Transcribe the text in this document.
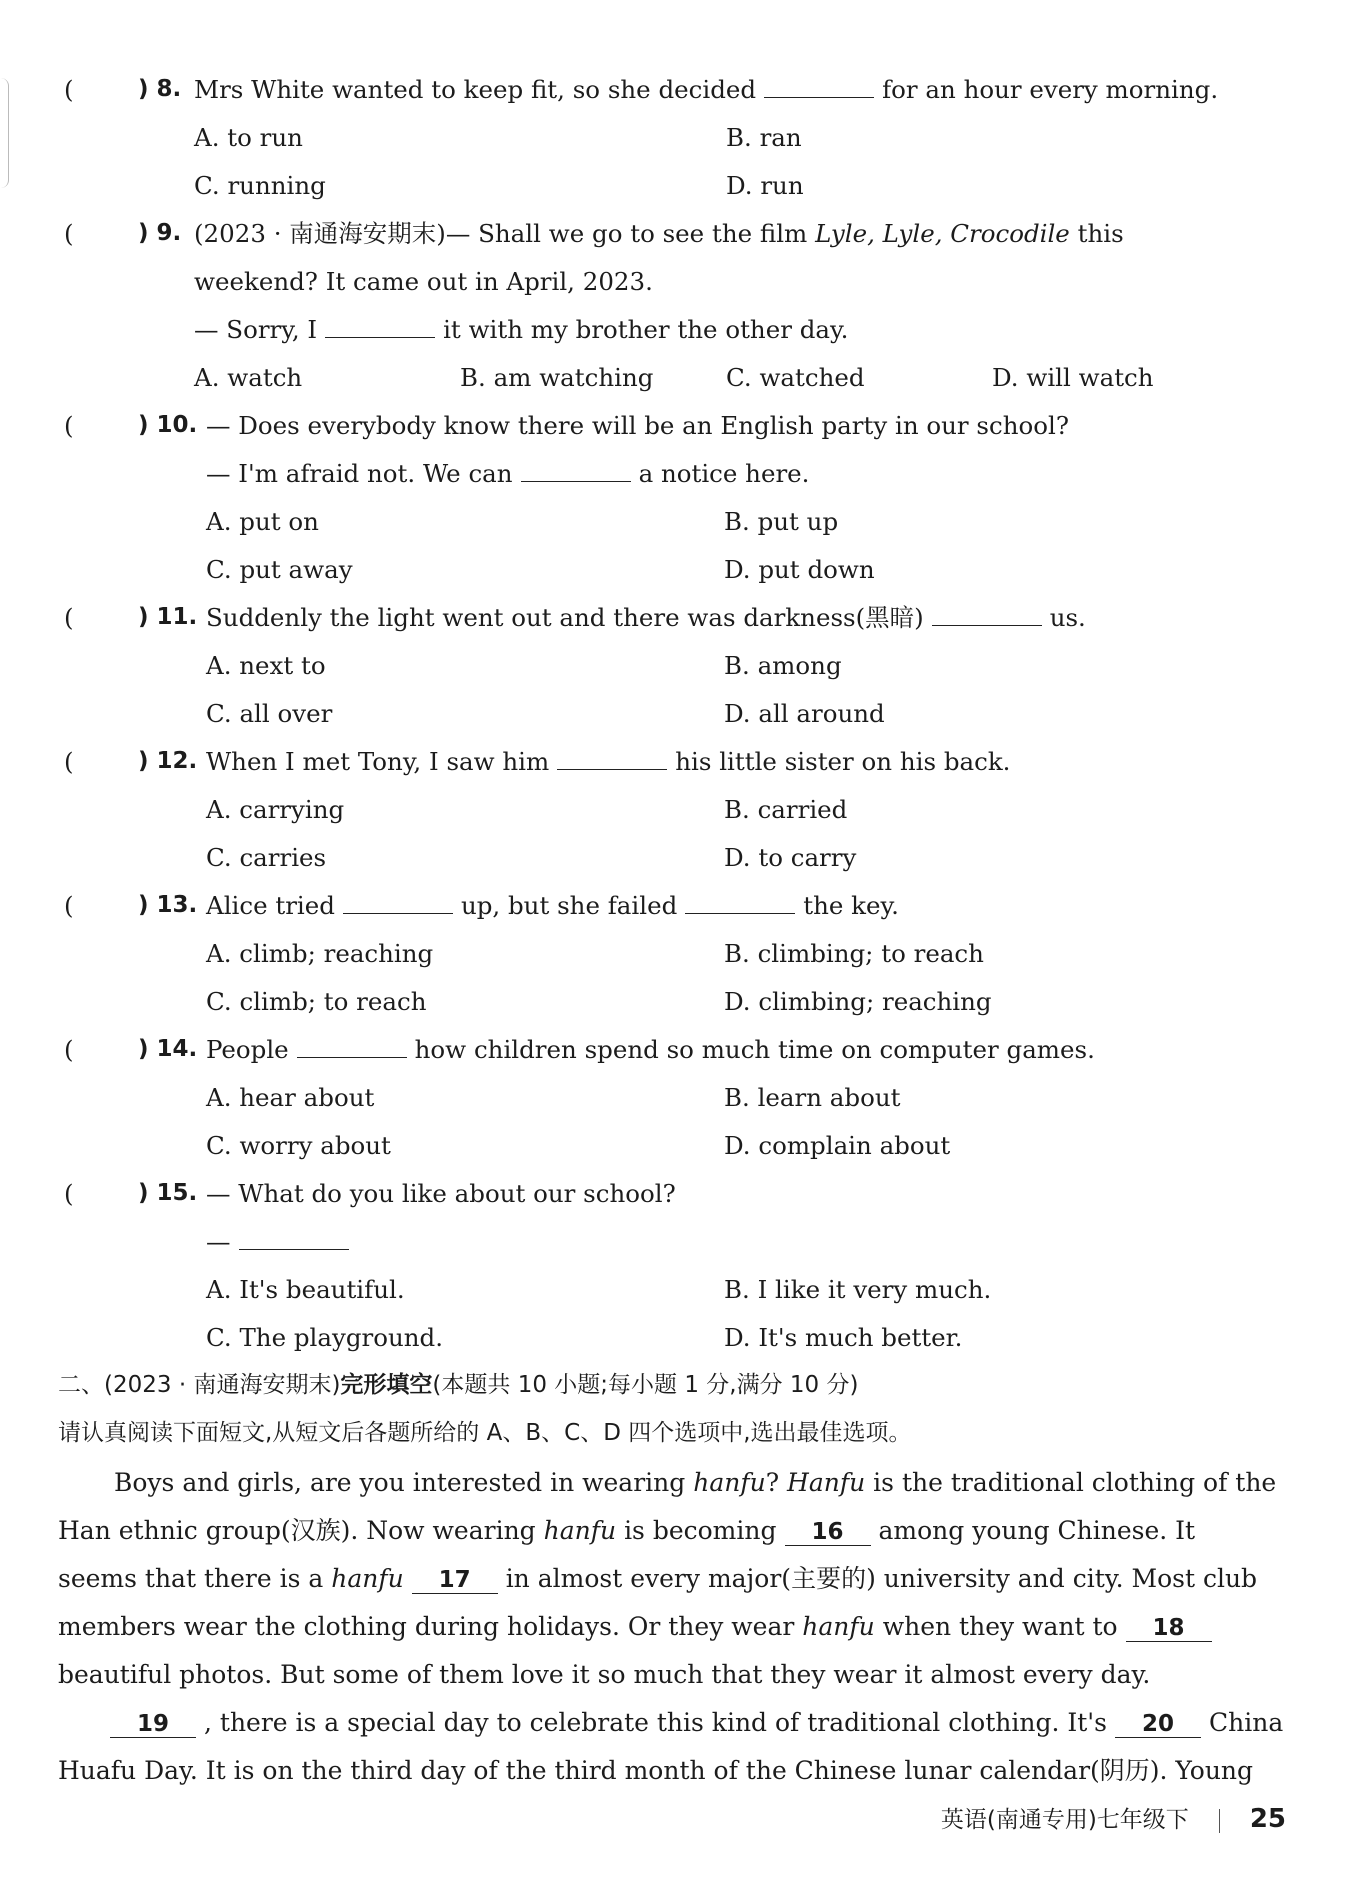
(	) 8. Mrs White wanted to keep fit, so she decided	for an hour every morning.
A. to run	B. ran
C. running	D. run
(	) 9. (2023 · 南通海安期末)— Shall we go to see the film Lyle, Lyle, Crocodile this
weekend? It came out in April, 2023.
— Sorry, I	it with my brother the other day.
A. watch	B. am watching	C. watched	D. will watch
(	) 10. — Does everybody know there will be an English party in our school?
— I'm afraid not. We can	a notice here.
A. put on	B. put up
C. put away	D. put down
(	) 11. Suddenly the light went out and there was darkness(黑暗)	us.
A. next to	B. among
C. all over	D. all around
(	) 12. When I met Tony, I saw him	his little sister on his back.
A. carrying	B. carried
C. carries	D. to carry
(	) 13. Alice tried	up, but she failed	the key.
A. climb; reaching	B. climbing; to reach
C. climb; to reach	D. climbing; reaching
(	) 14. People	how children spend so much time on computer games.
A. hear about	B. learn about
C. worry about	D. complain about
(	) 15. — What do you like about our school?
—
A. It's beautiful.	B. I like it very much.
C. The playground.	D. It's much better.
二、(2023 · 南通海安期末)完形填空(本题共 10 小题;每小题 1 分,满分 10 分)
请认真阅读下面短文,从短文后各题所给的 A、B、C、D 四个选项中,选出最佳选项。
Boys and girls, are you interested in wearing hanfu? Hanfu is the traditional clothing of the
Han ethnic group(汉族). Now wearing hanfu is becoming 16 among young Chinese. It
seems that there is a hanfu 17 in almost every major(主要的) university and city. Most club
members wear the clothing during holidays. Or they wear hanfu when they want to 18
beautiful photos. But some of them love it so much that they wear it almost every day.
19 , there is a special day to celebrate this kind of traditional clothing. It's 20 China
Huafu Day. It is on the third day of the third month of the Chinese lunar calendar(阴历). Young
英语(南通专用)七年级下 25
